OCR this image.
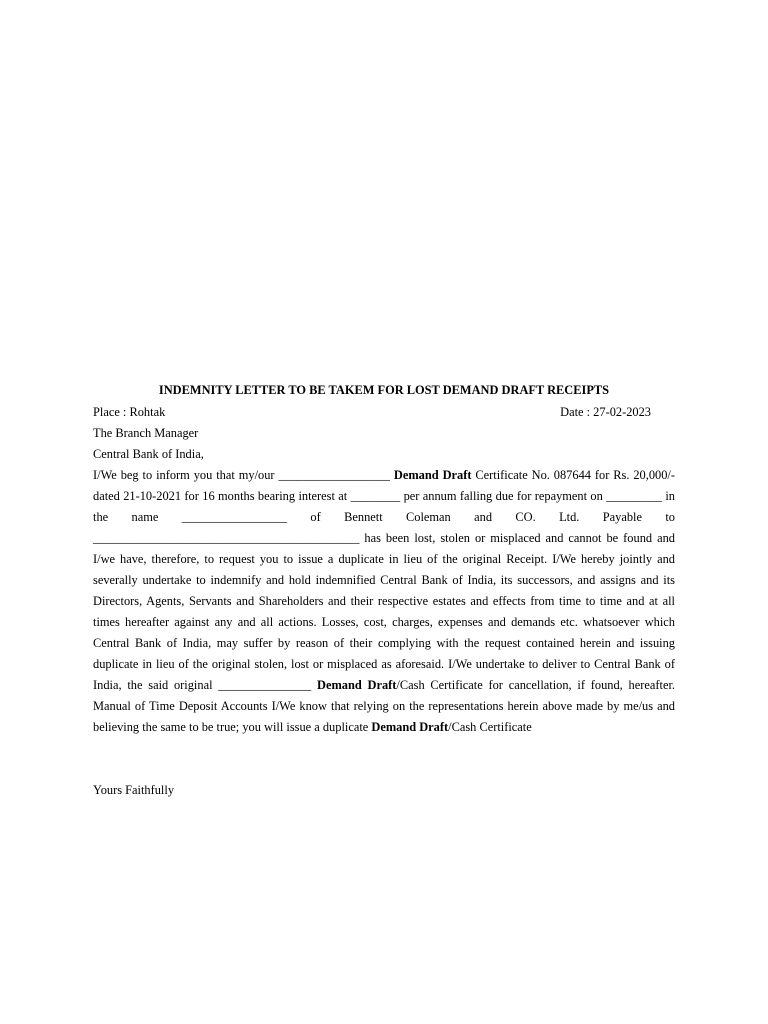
INDEMNITY LETTER TO BE TAKEM FOR LOST DEMAND DRAFT RECEIPTS
Place : Rohtak	Date : 27-02-2023
The Branch Manager
Central Bank of India,

I/We beg to inform you that my/our __________________ Demand Draft Certificate No. 087644 for Rs. 20,000/- dated 21-10-2021 for 16 months bearing interest at ________ per annum falling due for repayment on _________ in the name _________________ of Bennett Coleman and CO. Ltd. Payable to ___________________________________________ has been lost, stolen or misplaced and cannot be found and I/we have, therefore, to request you to issue a duplicate in lieu of the original Receipt. I/We hereby jointly and severally undertake to indemnify and hold indemnified Central Bank of India, its successors, and assigns and its Directors, Agents, Servants and Shareholders and their respective estates and effects from time to time and at all times hereafter against any and all actions. Losses, cost, charges, expenses and demands etc. whatsoever which Central Bank of India, may suffer by reason of their complying with the request contained herein and issuing duplicate in lieu of the original stolen, lost or misplaced as aforesaid. I/We undertake to deliver to Central Bank of India, the said original _______________ Demand Draft/Cash Certificate for cancellation, if found, hereafter. Manual of Time Deposit Accounts I/We know that relying on the representations herein above made by me/us and believing the same to be true; you will issue a duplicate Demand Draft/Cash Certificate

Yours Faithfully
